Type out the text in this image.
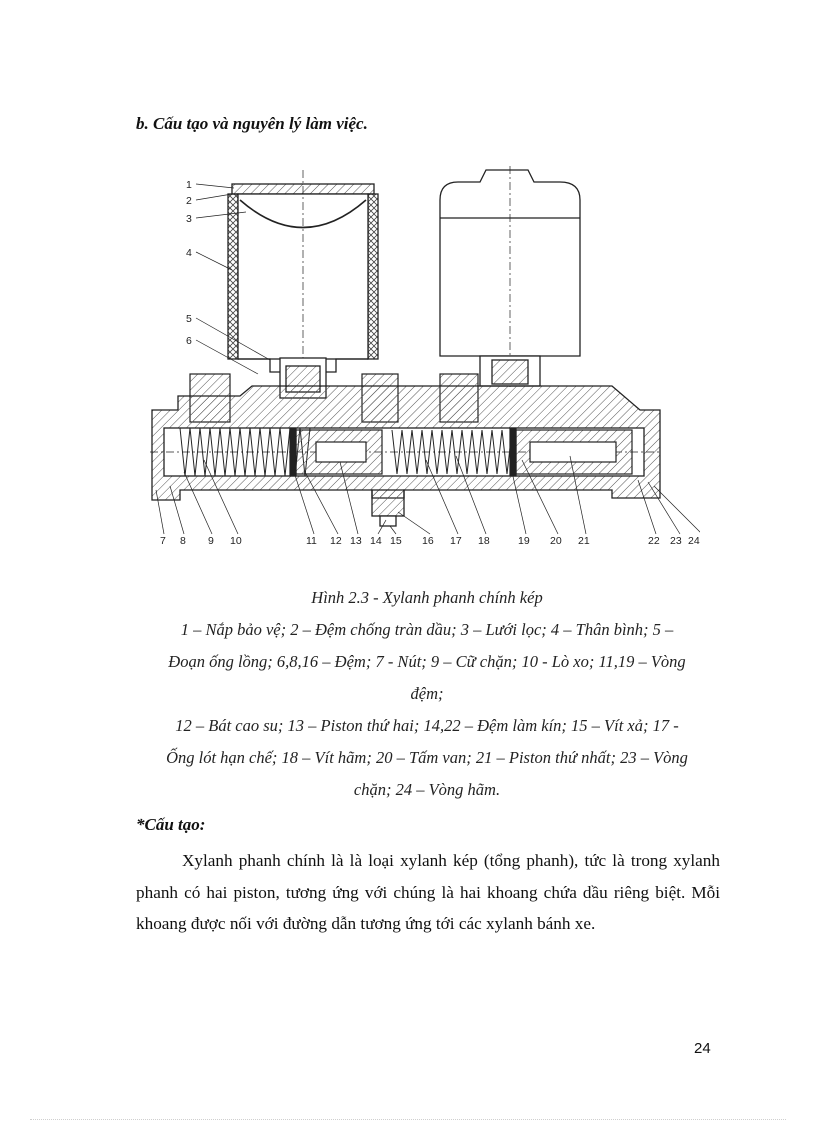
b. Cấu tạo và nguyên lý làm việc.
1
2
3
4
5
6
7 8 9 10	11 12 13 14 15 16 17 18	19 20 21	22 23 24
Hình 2.3 - Xylanh phanh chính kép
1 – Nắp bảo vệ; 2 – Đệm chống tràn dầu; 3 – Lưới lọc; 4 – Thân bình; 5 –
Đoạn ống lồng; 6,8,16 – Đệm; 7 - Nút; 9 – Cữ chặn; 10 - Lò xo; 11,19 – Vòng
đệm;
12 – Bát cao su; 13 – Piston thứ hai; 14,22 – Đệm làm kín; 15 – Vít xả; 17 -
Ống lót hạn chế; 18 – Vít hãm; 20 – Tấm van; 21 – Piston thứ nhất; 23 – Vòng
chặn; 24 – Vòng hãm.
*Cấu tạo:
Xylanh phanh chính là là loại xylanh kép (tổng phanh), tức là trong xylanh phanh có hai piston, tương ứng với chúng là hai khoang chứa dầu riêng biệt. Mỗi khoang được nối với đường dẫn tương ứng tới các xylanh bánh xe.
24
